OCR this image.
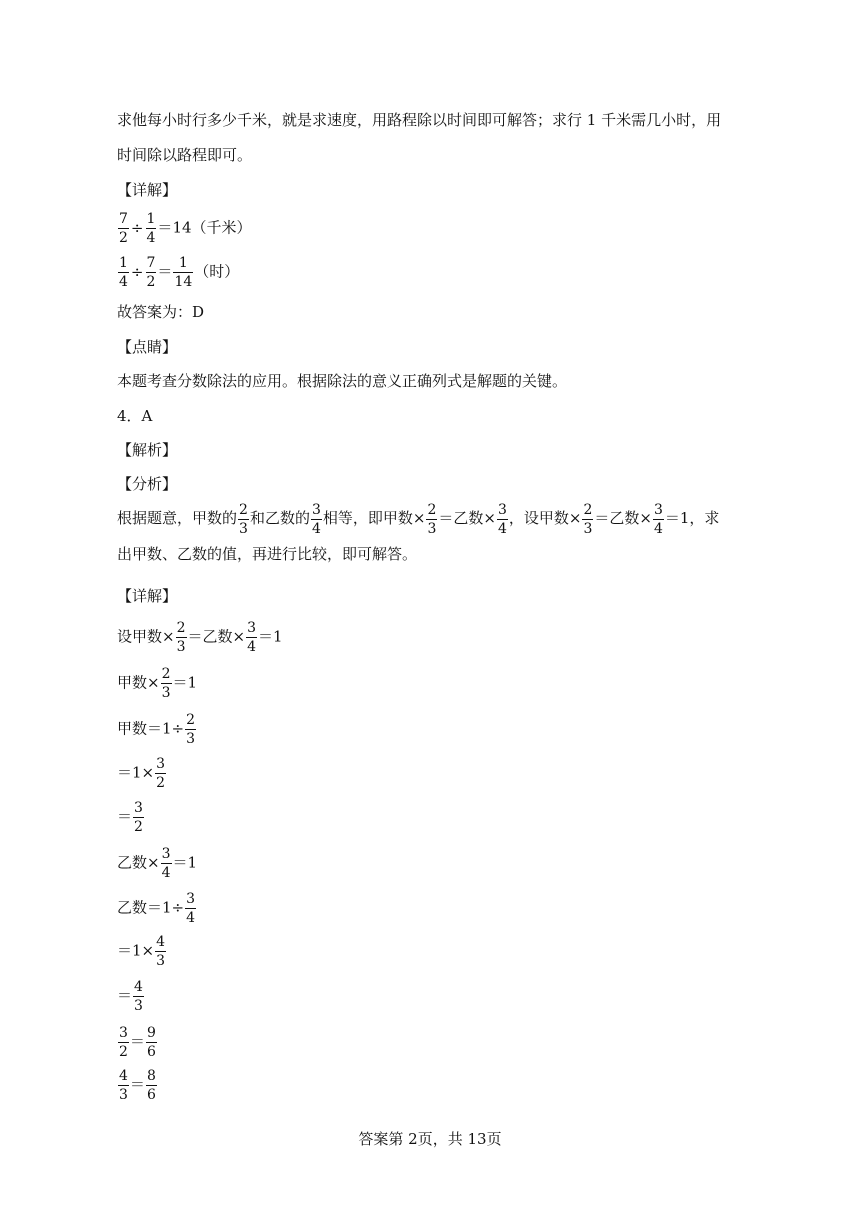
求他每小时行多少千米，就是求速度，用路程除以时间即可解答；求行 1 千米需几小时，用
时间除以路程即可。
【详解】
$\frac{7}{2} \div \frac{1}{4} =14$（千米）
$\frac{1}{4} \div \frac{7}{2} = \frac{1}{14}$ （时）
故答案为：D
【点睛】
本题考查分数除法的应用。根据除法的意义正确列式是解题的关键。
4．A
【解析】
【分析】
根据题意，甲数的 $\frac{2}{3}$ 和乙数的 $\frac{3}{4}$ 相等，即甲数× $\frac{2}{3}$ ＝乙数× $\frac{3}{4}$ ，设甲数× $\frac{2}{3}$ ＝乙数× $\frac{3}{4} =1$，求
出甲数、乙数的值，再进行比较，即可解答。
【详解】
设甲数× $\frac{2}{3}$ ＝乙数× $\frac{3}{4} =1$
甲数× $\frac{2}{3} =1$
甲数$=1\div \frac{2}{3}$
$=1\times \frac{3}{2}$
＝ $\frac{3}{2}$
乙数× $\frac{3}{4} =1$
乙数$=1\div \frac{3}{4}$
$=1\times \frac{4}{3}$
＝ $\frac{4}{3}$
$\frac{3}{2} = \frac{9}{6}$
$\frac{4}{3} = \frac{8}{6}$
答案第 2页，共 13页
